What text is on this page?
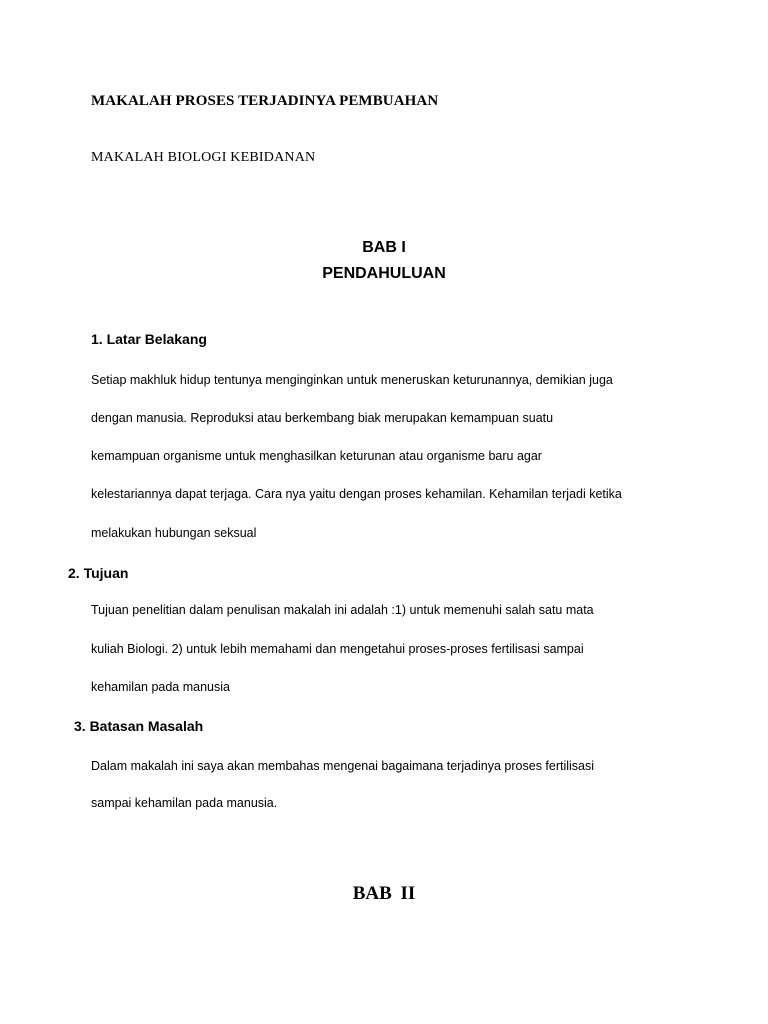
MAKALAH PROSES TERJADINYA PEMBUAHAN
MAKALAH BIOLOGI KEBIDANAN
BAB I
PENDAHULUAN
1. Latar Belakang
Setiap makhluk hidup tentunya menginginkan untuk meneruskan keturunannya, demikian juga
dengan manusia. Reproduksi atau berkembang biak merupakan kemampuan suatu
kemampuan organisme untuk menghasilkan keturunan atau organisme baru agar
kelestariannya dapat terjaga. Cara nya yaitu dengan proses kehamilan. Kehamilan terjadi ketika
melakukan hubungan seksual
2. Tujuan
Tujuan penelitian dalam penulisan makalah ini adalah :1) untuk memenuhi salah satu mata
kuliah Biologi. 2) untuk lebih memahami dan mengetahui proses-proses fertilisasi sampai
kehamilan pada manusia
3. Batasan Masalah
Dalam makalah ini saya akan membahas mengenai bagaimana terjadinya proses fertilisasi
sampai kehamilan pada manusia.
BAB II
